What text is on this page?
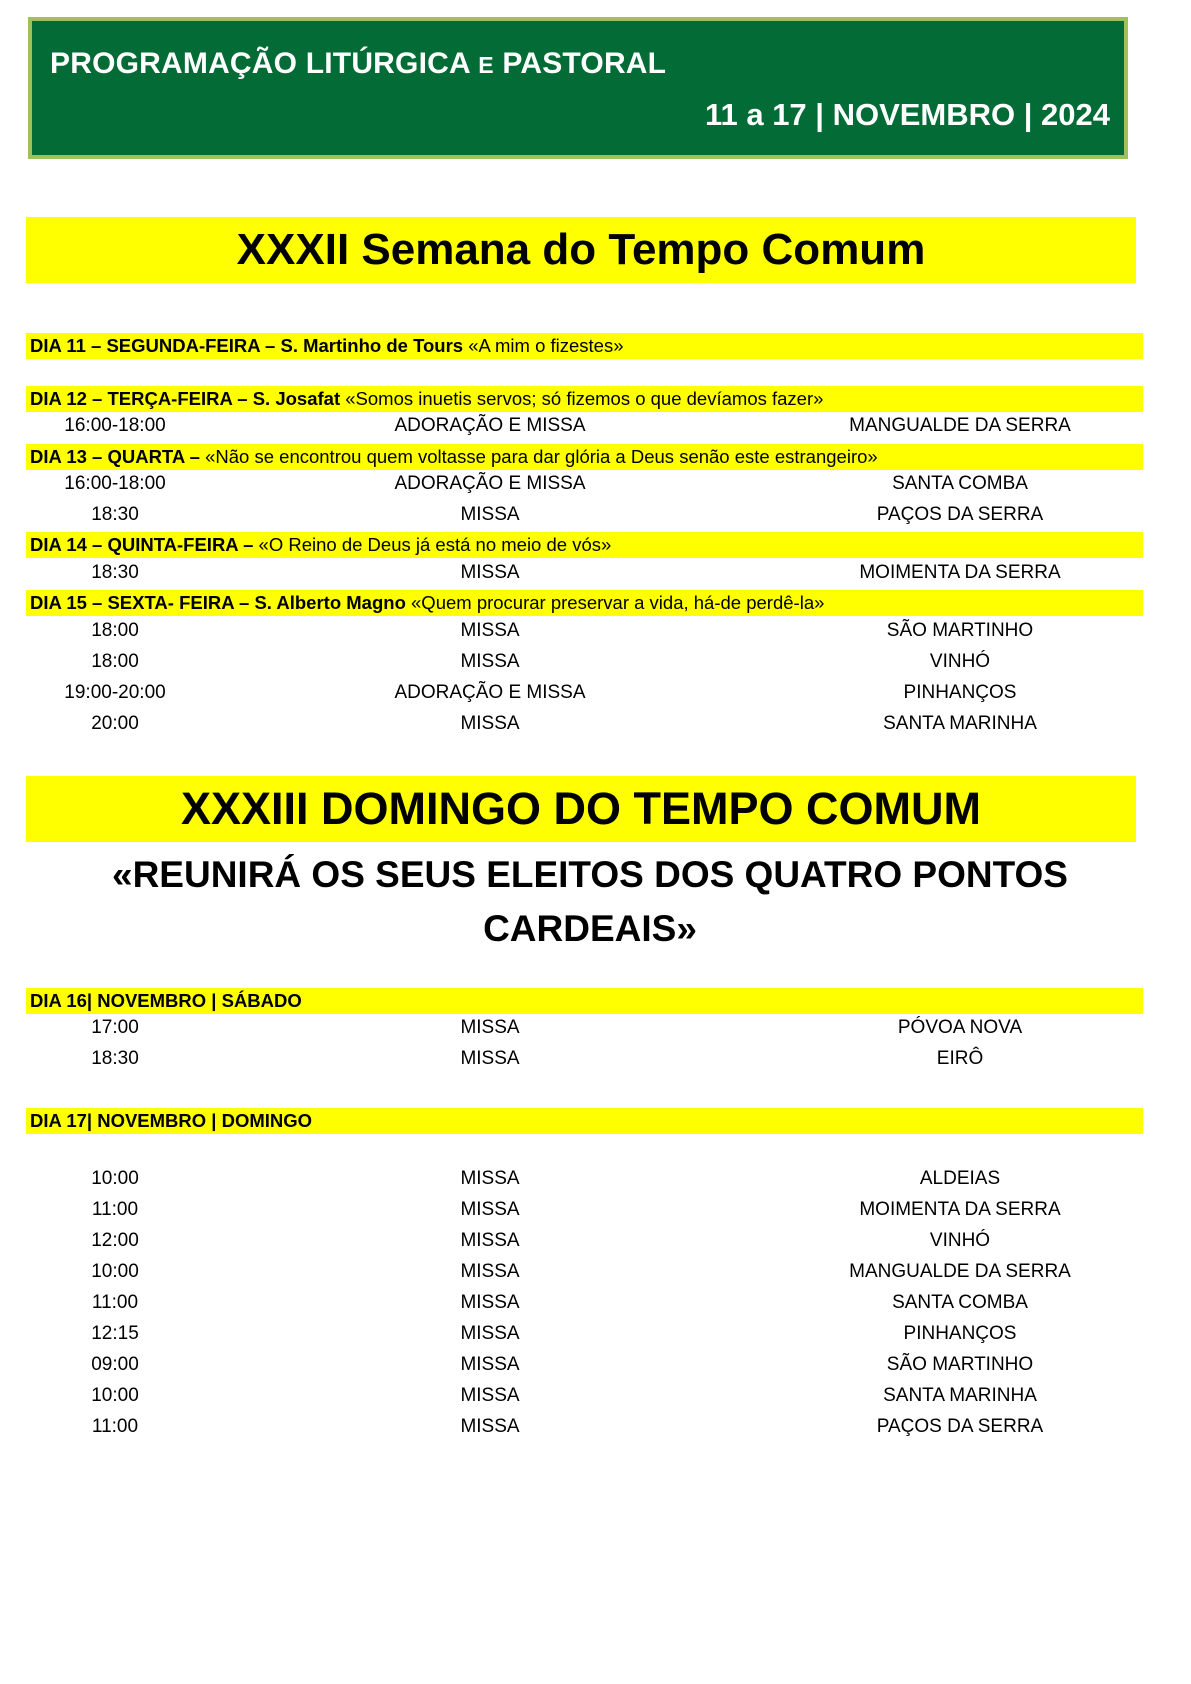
PROGRAMAÇÃO LITÚRGICA E PASTORAL
11 a 17 | NOVEMBRO | 2024
XXXII Semana do Tempo Comum
DIA 11 – SEGUNDA-FEIRA – S. Martinho de Tours «A mim o fizestes»
DIA 12 – TERÇA-FEIRA – S. Josafat «Somos inuetis servos; só fizemos o que devíamos fazer»
16:00-18:00	ADORAÇÃO E MISSA	MANGUALDE DA SERRA
DIA 13 – QUARTA – «Não se encontrou quem voltasse para dar glória a Deus senão este estrangeiro»
16:00-18:00	ADORAÇÃO E MISSA	SANTA COMBA
18:30	MISSA	PAÇOS DA SERRA
DIA 14 – QUINTA-FEIRA – «O Reino de Deus já está no meio de vós»
18:30	MISSA	MOIMENTA DA SERRA
DIA 15 – SEXTA- FEIRA – S. Alberto Magno «Quem procurar preservar a vida, há-de perdê-la»
18:00	MISSA	SÃO MARTINHO
18:00	MISSA	VINHÓ
19:00-20:00	ADORAÇÃO E MISSA	PINHANÇOS
20:00	MISSA	SANTA MARINHA
XXXIII DOMINGO DO TEMPO COMUM
«REUNIRÁ OS SEUS ELEITOS DOS QUATRO PONTOS
CARDEAIS»
DIA 16| NOVEMBRO | SÁBADO
17:00	MISSA	PÓVOA NOVA
18:30	MISSA	EIRÔ
DIA 17| NOVEMBRO | DOMINGO
10:00	MISSA	ALDEIAS
11:00	MISSA	MOIMENTA DA SERRA
12:00	MISSA	VINHÓ
10:00	MISSA	MANGUALDE DA SERRA
11:00	MISSA	SANTA COMBA
12:15	MISSA	PINHANÇOS
09:00	MISSA	SÃO MARTINHO
10:00	MISSA	SANTA MARINHA
11:00	MISSA	PAÇOS DA SERRA
